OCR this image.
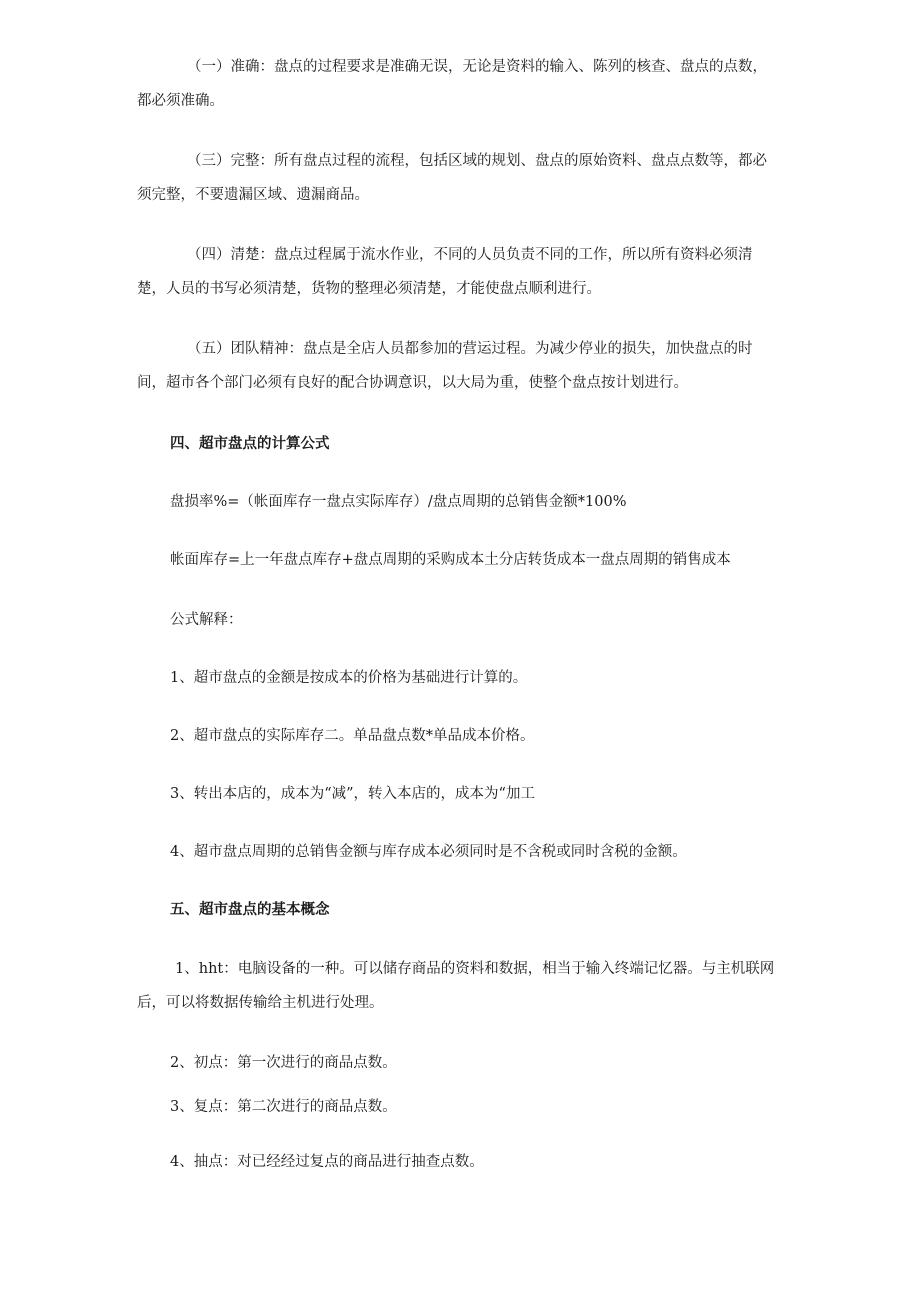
（一）准确：盘点的过程要求是准确无误，无论是资料的输入、陈列的核查、盘点的点数，都必须准确。

（三）完整：所有盘点过程的流程，包括区域的规划、盘点的原始资料、盘点点数等，都必须完整，不要遗漏区域、遗漏商品。

（四）清楚：盘点过程属于流水作业，不同的人员负责不同的工作，所以所有资料必须清楚，人员的书写必须清楚，货物的整理必须清楚，才能使盘点顺利进行。

（五）团队精神：盘点是全店人员都参加的营运过程。为减少停业的损失，加快盘点的时间，超市各个部门必须有良好的配合协调意识，以大局为重，使整个盘点按计划进行。

四、超市盘点的计算公式

盘损率%=（帐面库存一盘点实际库存）/盘点周期的总销售金额*100%

帐面库存=上一年盘点库存+盘点周期的采购成本土分店转货成本一盘点周期的销售成本

公式解释：

1、超市盘点的金额是按成本的价格为基础进行计算的。

2、超市盘点的实际库存二。单品盘点数*单品成本价格。

3、转出本店的，成本为“减”，转入本店的，成本为“加工

4、超市盘点周期的总销售金额与库存成本必须同时是不含税或同时含税的金额。

五、超市盘点的基本概念

1、hht：电脑设备的一种。可以储存商品的资料和数据，相当于输入终端记忆器。与主机联网后，可以将数据传输给主机进行处理。

2、初点：第一次进行的商品点数。

3、复点：第二次进行的商品点数。

4、抽点：对已经经过复点的商品进行抽查点数。
